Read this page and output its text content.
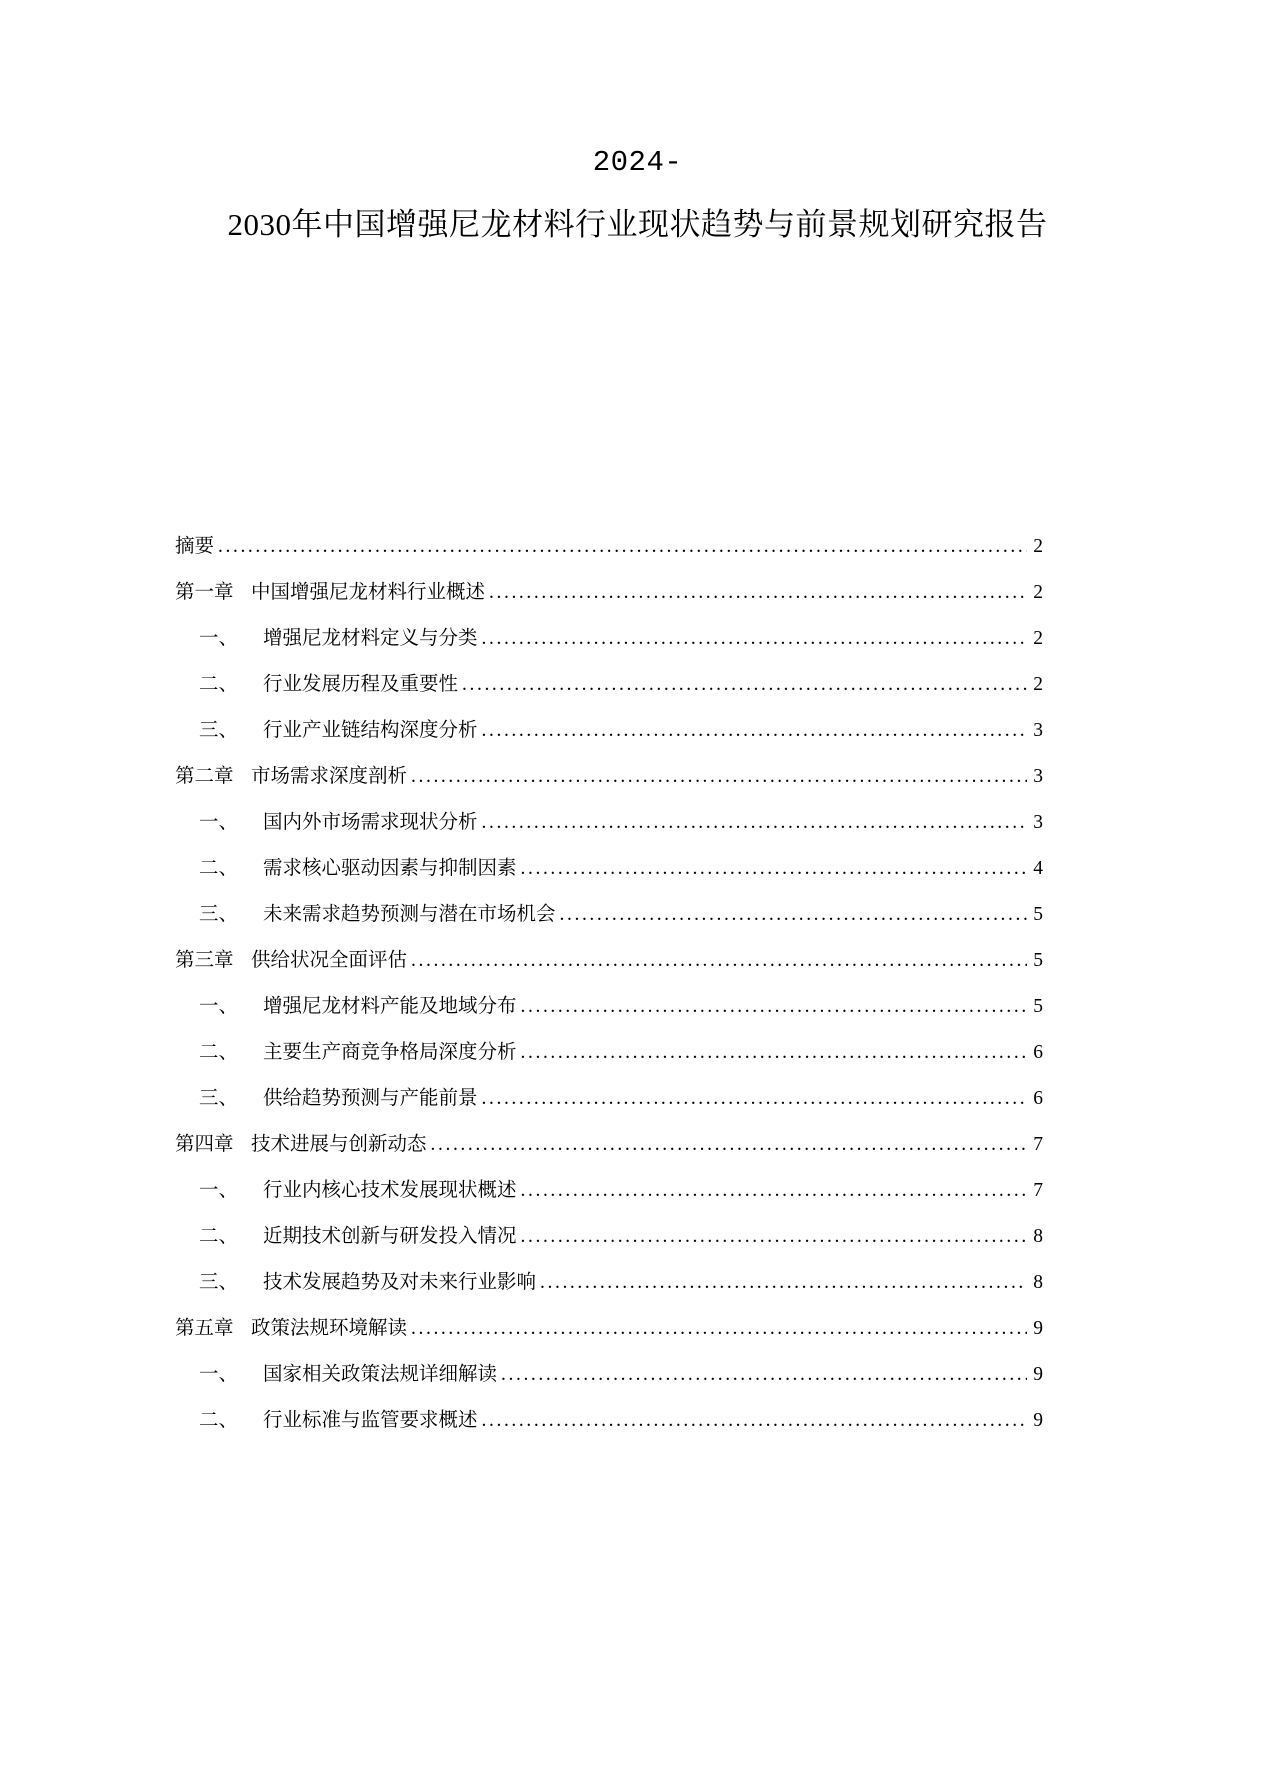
2024-
2030年中国增强尼龙材料行业现状趋势与前景规划研究报告
摘要 .....	2
第一章 中国增强尼龙材料行业概述 .....	2
一、	增强尼龙材料定义与分类 .....	2
二、	行业发展历程及重要性 .....	2
三、	行业产业链结构深度分析 .....	3
第二章 市场需求深度剖析 .....	3
一、	国内外市场需求现状分析 .....	3
二、	需求核心驱动因素与抑制因素 .....	4
三、	未来需求趋势预测与潜在市场机会 .....	5
第三章 供给状况全面评估 .....	5
一、	增强尼龙材料产能及地域分布 .....	5
二、	主要生产商竞争格局深度分析 .....	6
三、	供给趋势预测与产能前景 .....	6
第四章 技术进展与创新动态 .....	7
一、	行业内核心技术发展现状概述 .....	7
二、	近期技术创新与研发投入情况 .....	8
三、	技术发展趋势及对未来行业影响 .....	8
第五章 政策法规环境解读 .....	9
一、	国家相关政策法规详细解读 .....	9
二、	行业标准与监管要求概述 .....	9
